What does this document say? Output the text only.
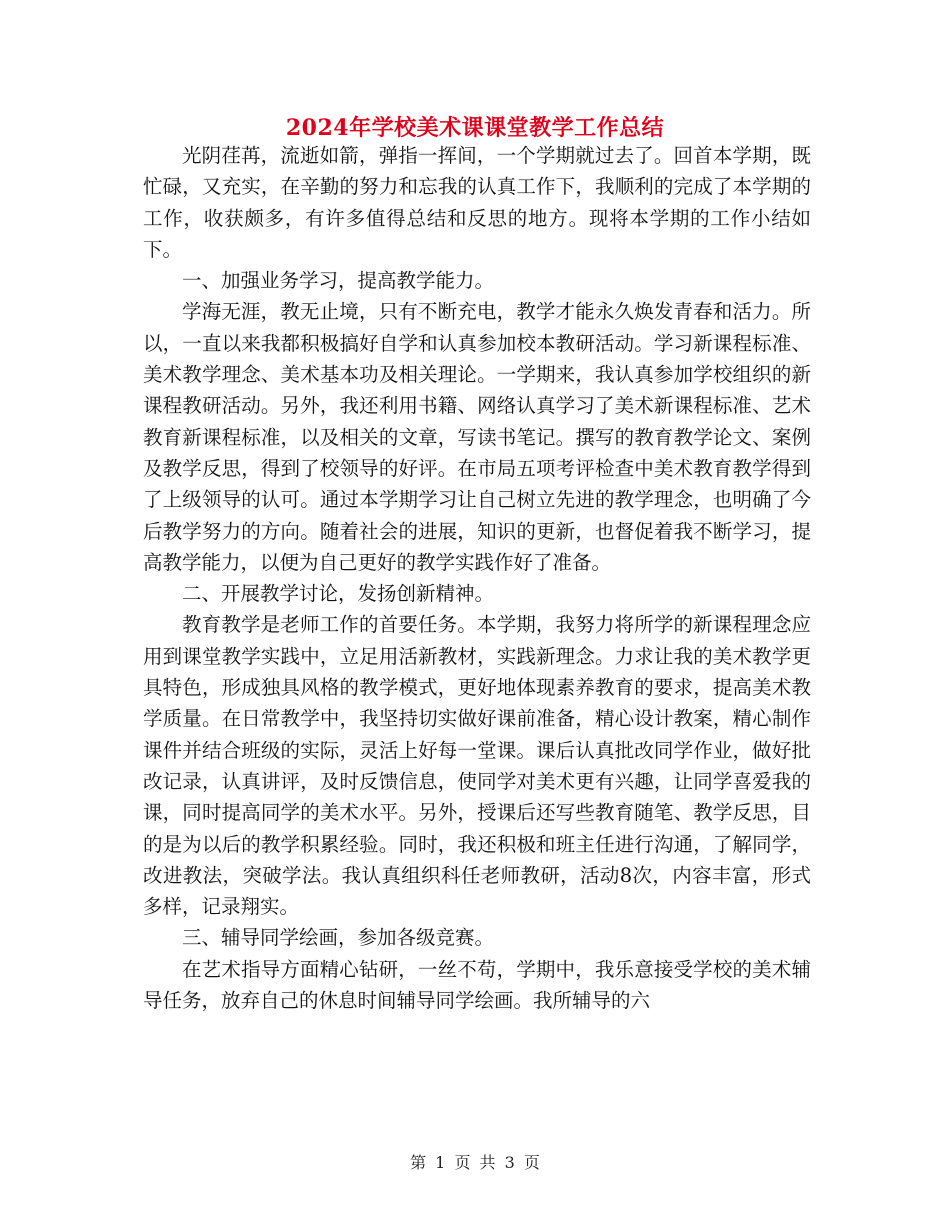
2024年学校美术课课堂教学工作总结

光阴荏苒，流逝如箭，弹指一挥间，一个学期就过去了。回首本学期，既忙碌，又充实，在辛勤的努力和忘我的认真工作下，我顺利的完成了本学期的工作，收获颇多，有许多值得总结和反思的地方。现将本学期的工作小结如下。

一、加强业务学习，提高教学能力。

学海无涯，教无止境，只有不断充电，教学才能永久焕发青春和活力。所以，一直以来我都积极搞好自学和认真参加校本教研活动。学习新课程标准、美术教学理念、美术基本功及相关理论。一学期来，我认真参加学校组织的新课程教研活动。另外，我还利用书籍、网络认真学习了美术新课程标准、艺术教育新课程标准，以及相关的文章，写读书笔记。撰写的教育教学论文、案例及教学反思，得到了校领导的好评。在市局五项考评检查中美术教育教学得到了上级领导的认可。通过本学期学习让自己树立先进的教学理念，也明确了今后教学努力的方向。随着社会的进展，知识的更新，也督促着我不断学习，提高教学能力，以便为自己更好的教学实践作好了准备。

二、开展教学讨论，发扬创新精神。

教育教学是老师工作的首要任务。本学期，我努力将所学的新课程理念应用到课堂教学实践中，立足用活新教材，实践新理念。力求让我的美术教学更具特色，形成独具风格的教学模式，更好地体现素养教育的要求，提高美术教学质量。在日常教学中，我坚持切实做好课前准备，精心设计教案，精心制作课件并结合班级的实际，灵活上好每一堂课。课后认真批改同学作业，做好批改记录，认真讲评，及时反馈信息，使同学对美术更有兴趣，让同学喜爱我的课，同时提高同学的美术水平。另外，授课后还写些教育随笔、教学反思，目的是为以后的教学积累经验。同时，我还积极和班主任进行沟通，了解同学，改进教法，突破学法。我认真组织科任老师教研，活动8次，内容丰富，形式多样，记录翔实。

三、辅导同学绘画，参加各级竞赛。

在艺术指导方面精心钻研，一丝不苟，学期中，我乐意接受学校的美术辅导任务，放弃自己的休息时间辅导同学绘画。我所辅导的六

第 1 页 共 3 页
